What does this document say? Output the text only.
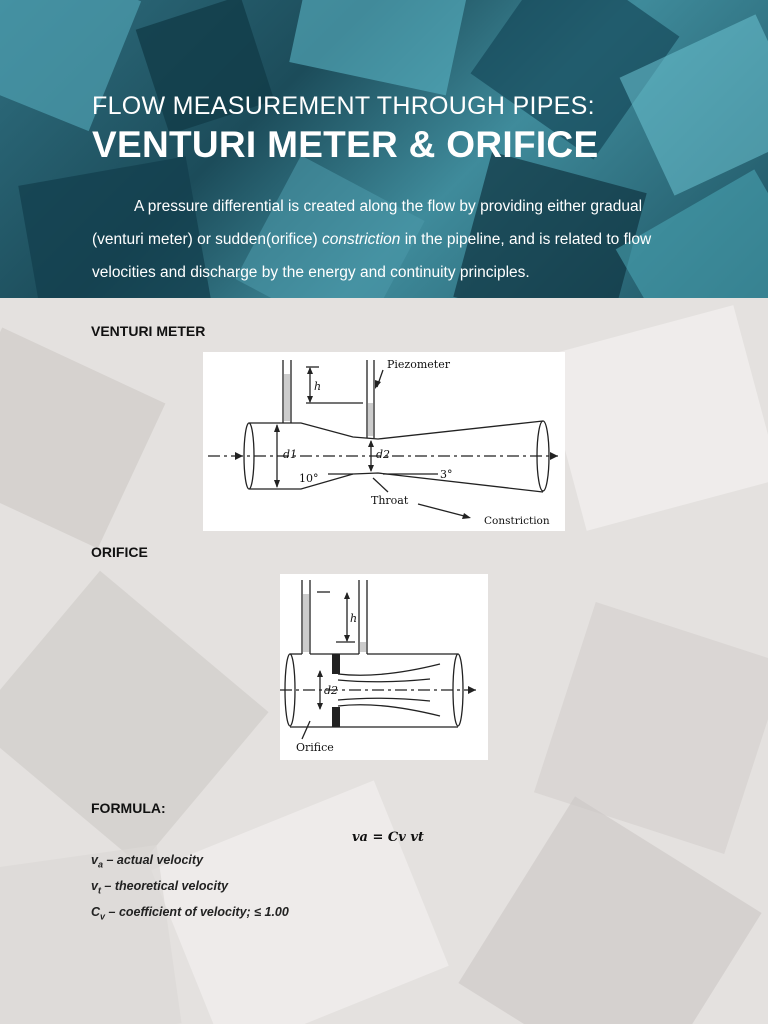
FLOW MEASUREMENT THROUGH PIPES:
VENTURI METER & ORIFICE
A pressure differential is created along the flow by providing either gradual (venturi meter) or sudden(orifice) constriction in the pipeline, and is related to flow velocities and discharge by the energy and continuity principles.
VENTURI METER
Piezometer
h
d1	d2
10°	3°
Throat
Constriction
ORIFICE
h
d2
Orifice
FORMULA:
va = Cv vt
$v_a$ – actual velocity
$v_t$ – theoretical velocity
$C_v$ – coefficient of velocity; ≤ 1.00
